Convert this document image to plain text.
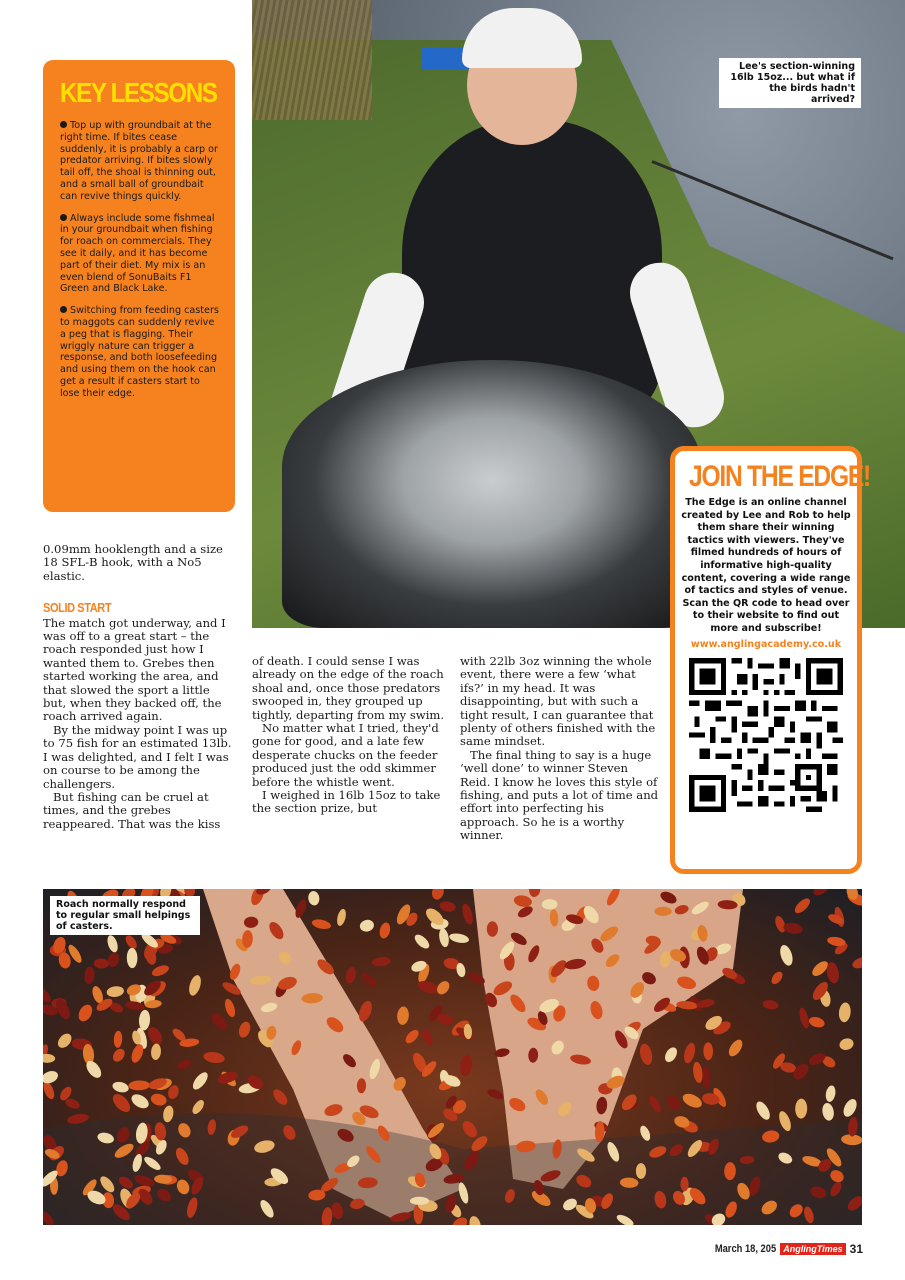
Lee's section-winning 16lb 15oz... but what if the birds hadn't arrived?
KEY LESSONS
Top up with groundbait at the right time. If bites cease suddenly, it is probably a carp or predator arriving. If bites slowly tail off, the shoal is thinning out, and a small ball of groundbait can revive things quickly.
Always include some fishmeal in your groundbait when fishing for roach on commercials. They see it daily, and it has become part of their diet. My mix is an even blend of SonuBaits F1 Green and Black Lake.
Switching from feeding casters to maggots can suddenly revive a peg that is flagging. Their wriggly nature can trigger a response, and both loosefeeding and using them on the hook can get a result if casters start to lose their edge.

0.09mm hooklength and a size 18 SFL-B hook, with a No5 elastic.

SOLID START

The match got underway, and I was off to a great start – the roach responded just how I wanted them to. Grebes then started working the area, and that slowed the sport a little but, when they backed off, the roach arrived again.

By the midway point I was up to 75 fish for an estimated 13lb. I was delighted, and I felt I was on course to be among the challengers.

But fishing can be cruel at times, and the grebes reappeared. That was the kiss

of death. I could sense I was already on the edge of the roach shoal and, once those predators swooped in, they grouped up tightly, departing from my swim.

No matter what I tried, they'd gone for good, and a late few desperate chucks on the feeder produced just the odd skimmer before the whistle went.

I weighed in 16lb 15oz to take the section prize, but

with 22lb 3oz winning the whole event, there were a few ‘what ifs?’ in my head. It was disappointing, but with such a tight result, I can guarantee that plenty of others finished with the same mindset.

The final thing to say is a huge ‘well done’ to winner Steven Reid. I know he loves this style of fishing, and puts a lot of time and effort into perfecting his approach. So he is a worthy winner.

JOIN THE EDGE!
The Edge is an online channel created by Lee and Rob to help them share their winning tactics with viewers. They've filmed hundreds of hours of informative high-quality content, covering a wide range of tactics and styles of venue.
Scan the QR code to head over to their website to find out more and subscribe!
www.anglingacademy.co.uk
Roach normally respond to regular small helpings of casters.
March 18, 205 AnglingTimes 31
